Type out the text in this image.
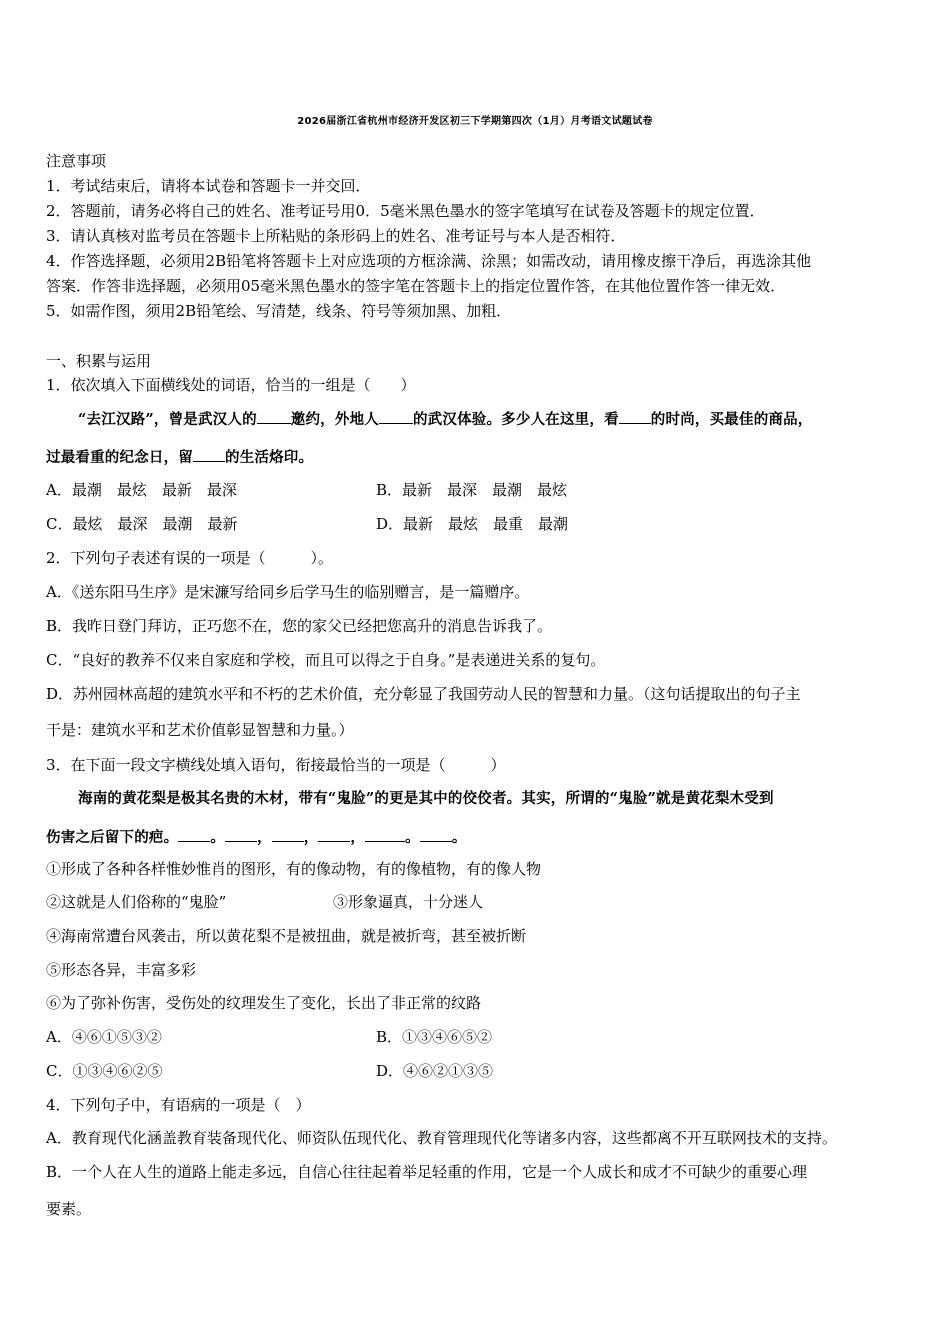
2026届浙江省杭州市经济开发区初三下学期第四次（1月）月考语文试题试卷
注意事项
1．考试结束后，请将本试卷和答题卡一并交回．
2．答题前，请务必将自己的姓名、准考证号用0．5毫米黑色墨水的签字笔填写在试卷及答题卡的规定位置．
3．请认真核对监考员在答题卡上所粘贴的条形码上的姓名、准考证号与本人是否相符．
4．作答选择题，必须用2B铅笔将答题卡上对应选项的方框涂满、涂黑；如需改动，请用橡皮擦干净后，再选涂其他
答案．作答非选择题，必须用05毫米黑色墨水的签字笔在答题卡上的指定位置作答，在其他位置作答一律无效．
5．如需作图，须用2B铅笔绘、写清楚，线条、符号等须加黑、加粗．
一、积累与运用
1．依次填入下面横线处的词语，恰当的一组是（　　）
“去江汉路”，曾是武汉人的 邀约，外地人 的武汉体验。多少人在这里，看 的时尚，买最佳的商品，
过最看重的纪念日，留 的生活烙印。
A．最潮　最炫　最新　最深	B．最新　最深　最潮　最炫
C．最炫　最深　最潮　最新	D．最新　最炫　最重　最潮
2．下列句子表述有误的一项是（　　　）。
A．《送东阳马生序》是宋濂写给同乡后学马生的临别赠言，是一篇赠序。
B．我昨日登门拜访，正巧您不在，您的家父已经把您高升的消息告诉我了。
C．“良好的教养不仅来自家庭和学校，而且可以得之于自身。”是表递进关系的复句。
D．苏州园林高超的建筑水平和不朽的艺术价值，充分彰显了我国劳动人民的智慧和力量。（这句话提取出的句子主
干是：建筑水平和艺术价值彰显智慧和力量。）
3．在下面一段文字横线处填入语句，衔接最恰当的一项是（　　　）
海南的黄花梨是极其名贵的木材，带有“鬼脸”的更是其中的佼佼者。其实，所谓的“鬼脸”就是黄花梨木受到
伤害之后留下的疤。 。 ， ， ，	。 。
①形成了各种各样惟妙惟肖的图形，有的像动物，有的像植物，有的像人物
②这就是人们俗称的“鬼脸”	③形象逼真，十分迷人
④海南常遭台风袭击，所以黄花梨不是被扭曲，就是被折弯，甚至被折断
⑤形态各异，丰富多彩
⑥为了弥补伤害，受伤处的纹理发生了变化，长出了非正常的纹路
A．④⑥①⑤③②	B．①③④⑥⑤②
C．①③④⑥②⑤	D．④⑥②①③⑤
4．下列句子中，有语病的一项是（　）
A．教育现代化涵盖教育装备现代化、师资队伍现代化、教育管理现代化等诸多内容，这些都离不开互联网技术的支持。
B．一个人在人生的道路上能走多远，自信心往往起着举足轻重的作用，它是一个人成长和成才不可缺少的重要心理
要素。
